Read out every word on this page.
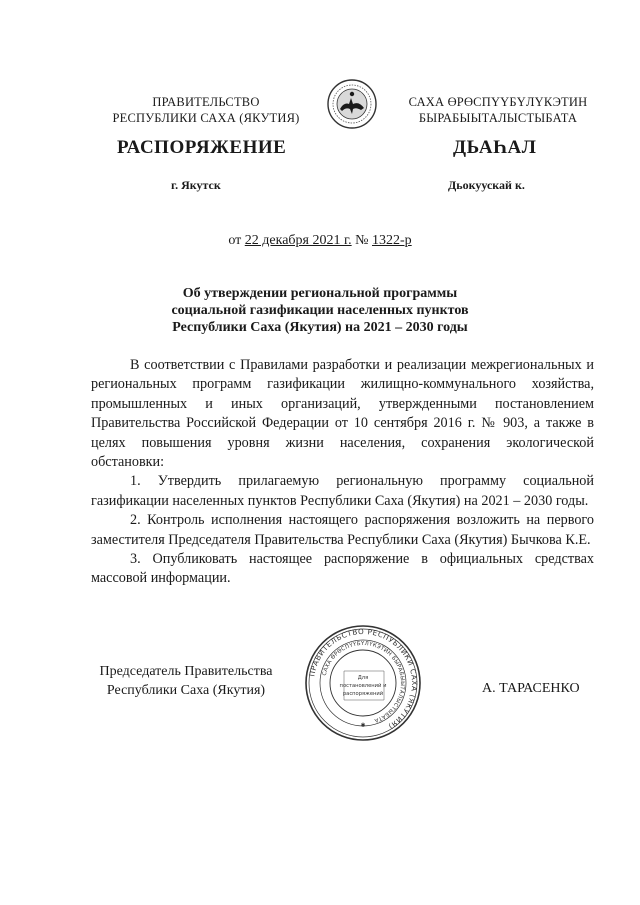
ПРАВИТЕЛЬСТВО
РЕСПУБЛИКИ САХА (ЯКУТИЯ)
САХА ӨРӨСПҮҮБҮЛҮКЭТИН
БЫРАБЫЫТАЛЫСТЫБАТА
РАСПОРЯЖЕНИЕ	ДЬАҺАЛ
г. Якутск	Дьокуускай к.
от 22 декабря 2021 г. № 1322-р
Об утверждении региональной программы
социальной газификации населенных пунктов
Республики Саха (Якутия) на 2021 – 2030 годы

В соответствии с Правилами разработки и реализации межрегиональных и региональных программ газификации жилищно-коммунального хозяйства, промышленных и иных организаций, утвержденными постановлением Правительства Российской Федерации от 10 сентября 2016 г. № 903, а также в целях повышения уровня жизни населения, сохранения экологической обстановки:

1. Утвердить прилагаемую региональную программу социальной газификации населенных пунктов Республики Саха (Якутия) на 2021 – 2030 годы.

2. Контроль исполнения настоящего распоряжения возложить на первого заместителя Председателя Правительства Республики Саха (Якутия) Бычкова К.Е.

3. Опубликовать настоящее распоряжение в официальных средствах массовой информации.

Председатель Правительства
Республики Саха (Якутия)
ПРАВИТЕЛЬСТВО РЕСПУБЛИКИ САХА (ЯКУТИЯ)
САХА ӨРӨСПҮҮБҮЛҮКЭТИН БЫРАБЫЫТАЛЫСТЫБАТА
Для
постановлений и
распоряжений
✱
А. ТАРАСЕНКО
